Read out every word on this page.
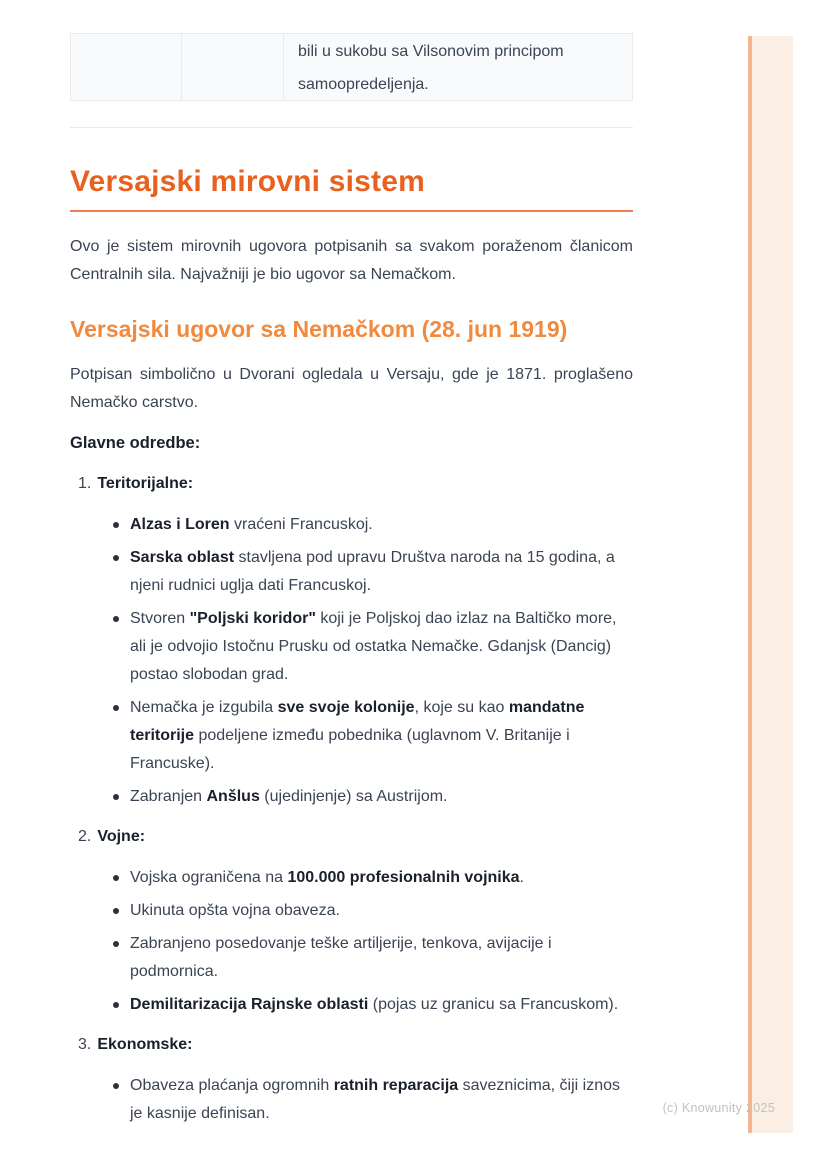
(c) Knowunity 2025
bili u sukobu sa Vilsonovim principom
samoopredeljenja.
Versajski mirovni sistem

Ovo je sistem mirovnih ugovora potpisanih sa svakom poraženom članicom Centralnih sila. Najvažniji je bio ugovor sa Nemačkom.

Versajski ugovor sa Nemačkom (28. jun 1919)

Potpisan simbolično u Dvorani ogledala u Versaju, gde je 1871. proglašeno Nemačko carstvo.

Glavne odredbe:
1. Teritorijalne:
Alzas i Loren vraćeni Francuskoj.
Sarska oblast stavljena pod upravu Društva naroda na 15 godina, a njeni rudnici uglja dati Francuskoj.
Stvoren "Poljski koridor" koji je Poljskoj dao izlaz na Baltičko more, ali je odvojio Istočnu Prusku od ostatka Nemačke. Gdanjsk (Dancig) postao slobodan grad.
Nemačka je izgubila sve svoje kolonije, koje su kao mandatne teritorije podeljene između pobednika (uglavnom V. Britanije i Francuske).
Zabranjen Anšlus (ujedinjenje) sa Austrijom.
2. Vojne:
Vojska ograničena na 100.000 profesionalnih vojnika.
Ukinuta opšta vojna obaveza.
Zabranjeno posedovanje teške artiljerije, tenkova, avijacije i podmornica.
Demilitarizacija Rajnske oblasti (pojas uz granicu sa Francuskom).
3. Ekonomske:
Obaveza plaćanja ogromnih ratnih reparacija saveznicima, čiji iznos je kasnije definisan.
